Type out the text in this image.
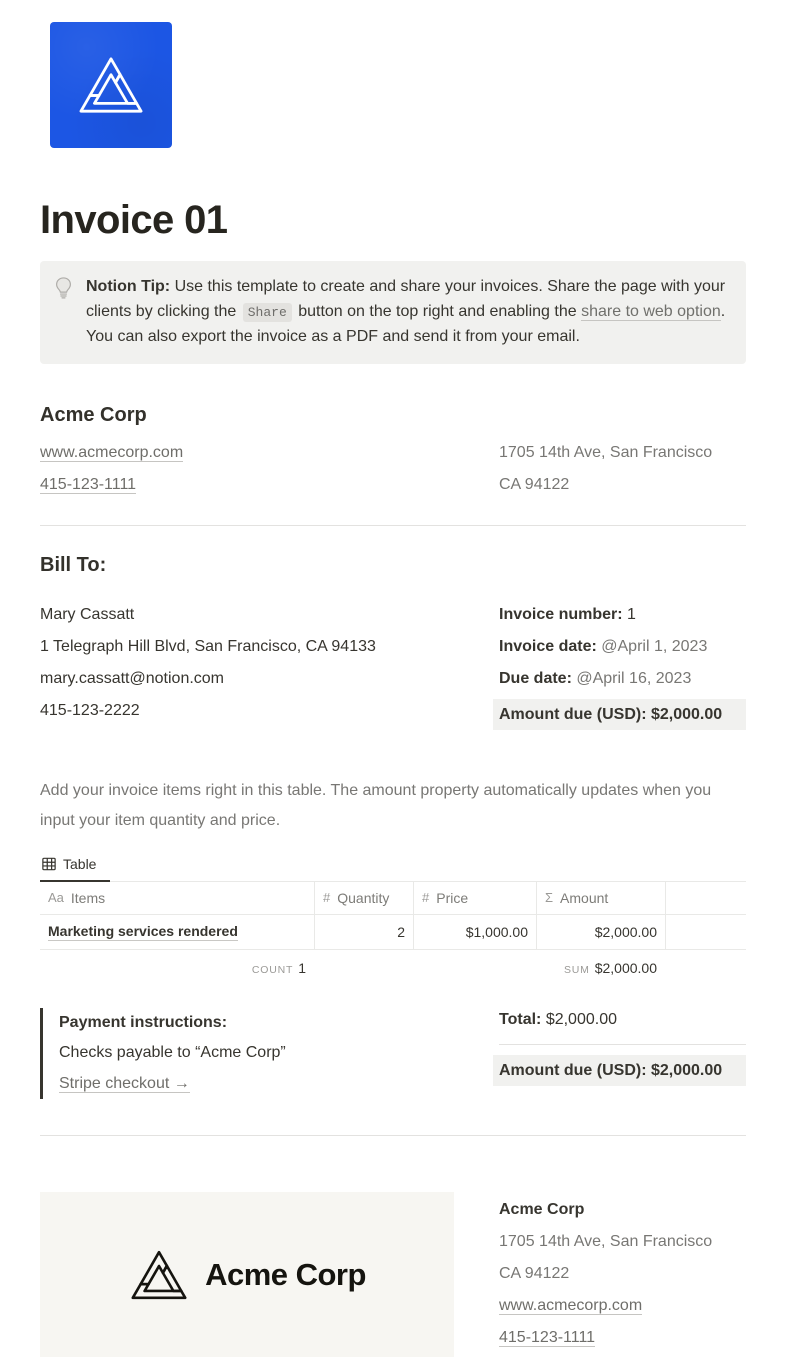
Invoice 01
Notion Tip: Use this template to create and share your invoices. Share the page with your clients by clicking the Share button on the top right and enabling the share to web option. You can also export the invoice as a PDF and send it from your email.
Acme Corp
www.acmecorp.com
415-123-1111
1705 14th Ave, San Francisco
CA 94122
Bill To:
Mary Cassatt
1 Telegraph Hill Blvd, San Francisco, CA 94133
mary.cassatt@notion.com
415-123-2222
Invoice number: 1
Invoice date: @April 1, 2023
Due date: @April 16, 2023
Amount due (USD): $2,000.00

Add your invoice items right in this table. The amount property automatically updates when you input your item quantity and price.

Table
Aa Items	# Quantity	# Price	Σ Amount
Marketing services rendered	2	$1,000.00	$2,000.00
COUNT 1	SUM $2,000.00
Payment instructions:
Checks payable to “Acme Corp”
Stripe checkout →
Total: $2,000.00
Amount due (USD): $2,000.00
Acme Corp
Acme Corp
1705 14th Ave, San Francisco
CA 94122
www.acmecorp.com
415-123-1111
